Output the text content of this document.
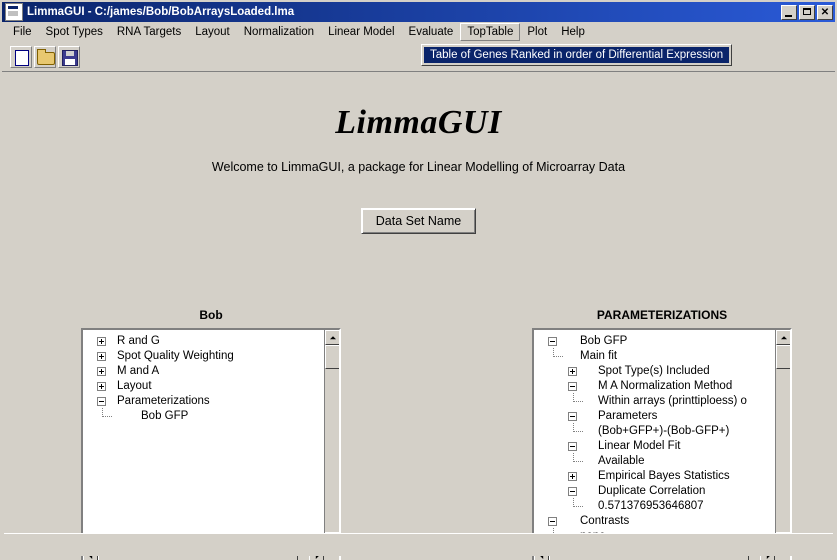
LimmaGUI - C:/james/Bob/BobArraysLoaded.lma	✕
File	Spot Types	RNA Targets	Layout	Normalization	Linear Model	Evaluate	TopTable	Plot	Help
Table of Genes Ranked in order of Differential Expression
LimmaGUI
Welcome to LimmaGUI, a package for Linear Modelling of Microarray Data
Data Set Name
Bob
R and G
Spot Quality Weighting
M and A
Layout
Parameterizations
Bob GFP
PARAMETERIZATIONS
Bob GFP
Main fit
Spot Type(s) Included
M A Normalization Method
Within arrays (printtiploess) o
Parameters
(Bob+GFP+)-(Bob-GFP+)
Linear Model Fit
Available
Empirical Bayes Statistics
Duplicate Correlation
0.571376953646807
Contrasts
